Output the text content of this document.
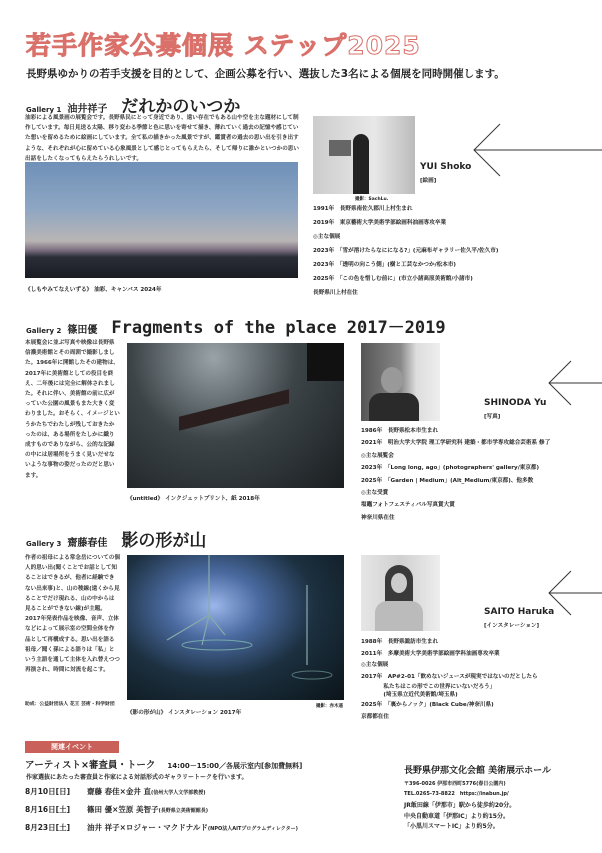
若手作家公募個展 ステップ2025
長野県ゆかりの若手支援を目的として、企画公募を行い、選抜した3名による個展を同時開催します。
Gallery 1 油井祥子 だれかのいつか
油彩による風景画の展覧会です。長野県民にとって身近であり、遠い存在でもある山や空を主な題材にして制作しています。毎日見送る太陽、移り変わる季節と色に思いを寄せて描き、薄れていく過去の記憶や感じていた想いを留めるために絵画にしています。全て私の描きかった風景ですが、鑑賞者の過去の思い出を引き出すような、それぞれが心に留めている心象風景として感じとってもらえたら、そして帰りに誰かといつかの思い出話をしたくなってもらえたらうれしいです。
《しもやみてなえいずる》 油彩、キャンバス 2024年
撮影：SachLu.
YUI Shoko
[絵画]
1991年　長野県南佐久郡川上村生まれ
2019年　東京藝術大学美術学部絵画科油画専攻卒業
◎主な個展
2023年　「雪が溶けたらなにになる?」(元麻布ギャラリー佐久平/佐久市)
2023年　「透明の向こう側」(樹と工芸なかつか/松本市)
2025年　「この色を惜しむ前に」(市立小諸高原美術館/小諸市)
長野県川上村在住
Gallery 2 篠田優 Fragments of the place 2017－2019
本展覧会に並ぶ写真や映像は長野県信濃美術館とその周囲で撮影しました。1966年に開館したその建物は、2017年に美術館としての役目を終え、二年後には完全に解体されました。それに伴い、美術館の前に広がっていた公園の風景もまた大きく変わりました。おそらく、イメージというかたちでわたしが残しておきたかったのは、ある場所をたしかに織り成すものでありながら、公的な記録の中には居場所をうまく見いだせないような事物の姿だったのだと思います。
《untitled》 インクジェットプリント、紙 2018年
SHINODA Yu
[写真]
1986年　長野県松本市生まれ
2021年　明治大学大学院 理工学研究科 建築・都市学専攻総合芸術系 修了
◎主な展覧会
2023年　「Long long, ago」(photographers' gallery/東京都)
2025年　「Garden | Medium」(Alt_Medium/東京都)、他多数
◎主な受賞
塩竈フォトフェスティバル写真賞大賞
神奈川県在住
Gallery 3 齋藤春佳 影の形が山
作者の祖母による常念岳についての個人的思い出(聞くことでお話として知ることはできるが、他者に経験できない出来事)と、山の稜線(遠くから見ることでだけ現れる、山の中からは見ることができない線)が主題。2017年発表作品を映像、音声、立体などによって展示室の空間全体を作品として再構成する。思い出を語る祖母／聞く孫による語りは「私」という主語を通して主体を入れ替えつつ再演され、時間に対流を起こす。
助成：公益財団法人 花王 芸術・科学財団
《影の形が山》 インスタレーション 2017年
撮影：赤木遥
SAITO Haruka
[インスタレーション]
1988年　長野県諏訪市生まれ
2011年　多摩美術大学美術学部絵画学科油画専攻卒業
◎主な個展
2017年　AP#2-01「飲めないジュースが現実ではないのだとしたら
　　　　私たちはこの形でこの世界にいないだろう」
　　　　(埼玉県立近代美術館/埼玉県)
2025年　「裏からノック」(Black Cube/神奈川県)
京都都在住
関連イベント
アーティスト×審査員・トーク 14:00－15:00／各展示室内[参加費無料]
作家選抜にあたった審査員と作家による対話形式のギャラリートークを行います。
8月10日[日] 齋藤 春佳×金井 直(信州大学人文学部教授)
8月16日[土] 篠田 優×笠原 美智子(長野県立美術館館長)
8月23日[土] 油井 祥子×ロジャー・マクドナルド(NPO法人AITプログラムディレクター)
長野県伊那文化会館 美術展示ホール
〒396-0026 伊那市西町5776(春日公園内)
TEL.0265-73-8822　https://inabun.jp/
JR飯田線「伊那市」駅から徒歩約20分。
中央自動車道「伊那IC」より約15分。
「小黒川スマートIC」より約5分。
